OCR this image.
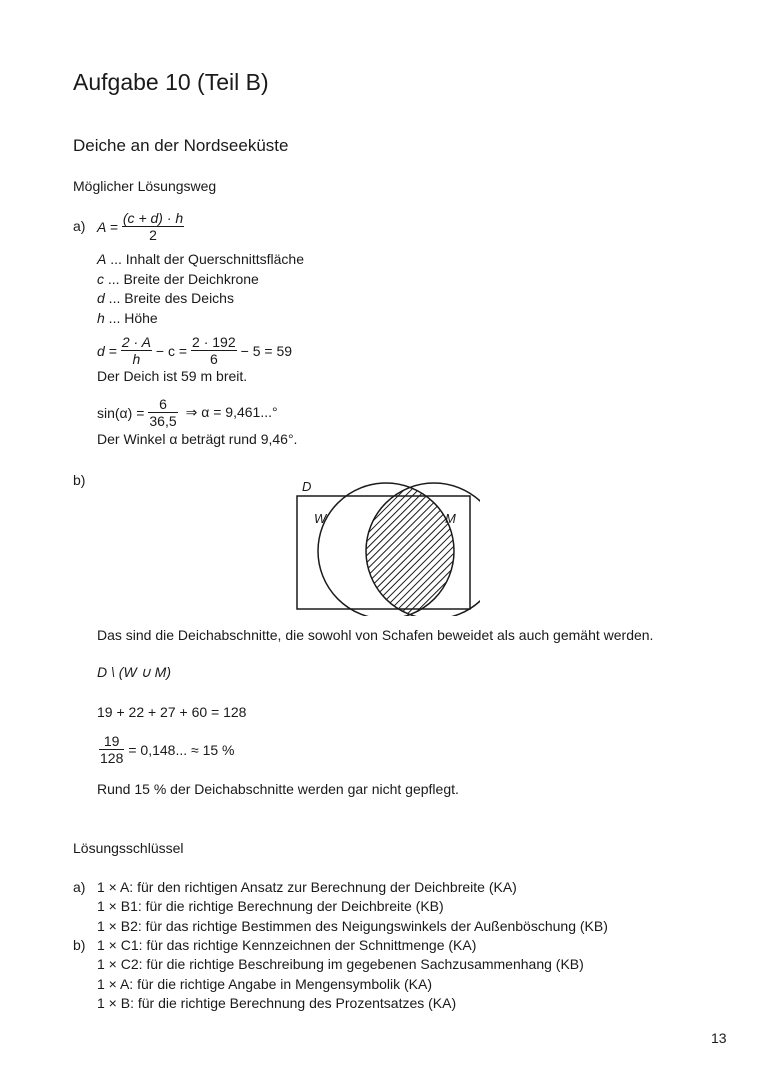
Aufgabe 10 (Teil B)
Deiche an der Nordseeküste
Möglicher Lösungsweg
a) $A = \frac{(c + d) \cdot h}{2}$
A ... Inhalt der Querschnittsfläche
c ... Breite der Deichkrone
d ... Breite des Deichs
h ... Höhe
$d = \frac{2 \cdot A}{h} - c = \frac{2 \cdot 192}{6} - 5 = 59$
Der Deich ist 59 m breit.
$\sin(\alpha) = \frac{6}{36,5}$ ⇒ α = 9,461...°
Der Winkel α beträgt rund 9,46°.
b)	D
W	M
Das sind die Deichabschnitte, die sowohl von Schafen beweidet als auch gemäht werden.
D \ (W ∪ M)
19 + 22 + 27 + 60 = 128
$\frac{19}{128} = 0,148$... ≈ 15 %
Rund 15 % der Deichabschnitte werden gar nicht gepflegt.
Lösungsschlüssel
a) 1 × A: für den richtigen Ansatz zur Berechnung der Deichbreite (KA)
1 × B1: für die richtige Berechnung der Deichbreite (KB)
1 × B2: für das richtige Bestimmen des Neigungswinkels der Außenböschung (KB)
b) 1 × C1: für das richtige Kennzeichnen der Schnittmenge (KA)
1 × C2: für die richtige Beschreibung im gegebenen Sachzusammenhang (KB)
1 × A: für die richtige Angabe in Mengensymbolik (KA)
1 × B: für die richtige Berechnung des Prozentsatzes (KA)
13
